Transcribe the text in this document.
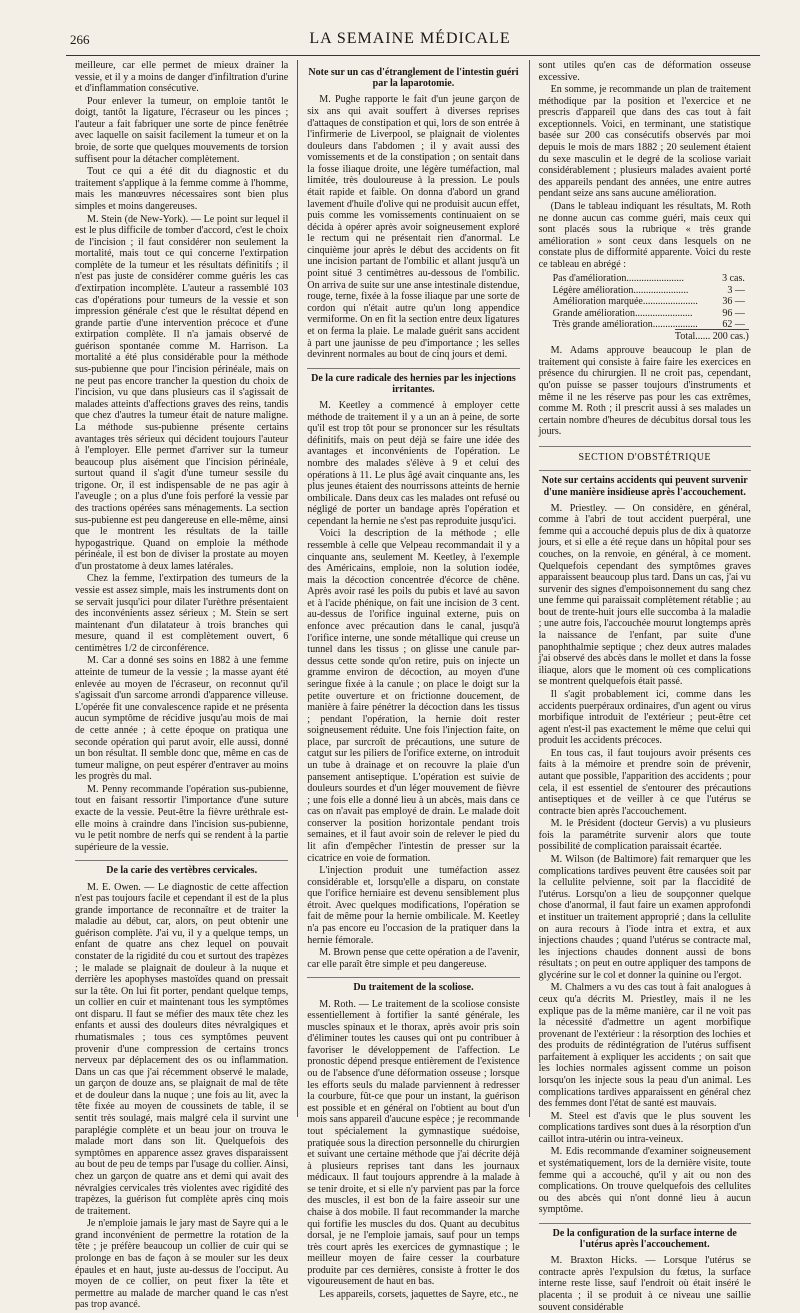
266	LA SEMAINE MÉDICALE

meilleure, car elle permet de mieux drainer la vessie, et il y a moins de danger d'infiltration d'urine et d'inflammation consécutive.

Pour enlever la tumeur, on emploie tantôt le doigt, tantôt la ligature, l'écraseur ou les pinces ; l'auteur a fait fabriquer une sorte de pince fenêtrée avec laquelle on saisit facilement la tumeur et on la broie, de sorte que quelques mouvements de torsion suffisent pour la détacher complètement.

Tout ce qui a été dit du diagnostic et du traitement s'applique à la femme comme à l'homme, mais les manœuvres nécessaires sont bien plus simples et moins dangereuses.

M. Stein (de New-York). — Le point sur lequel il est le plus difficile de tomber d'accord, c'est le choix de l'incision ; il faut considérer non seulement la mortalité, mais tout ce qui concerne l'extirpation complète de la tumeur et les résultats définitifs ; il n'est pas juste de considérer comme guéris les cas d'extirpation incomplète. L'auteur a rassemblé 103 cas d'opérations pour tumeurs de la vessie et son impression générale c'est que le résultat dépend en grande partie d'une intervention précoce et d'une extirpation complète. Il n'a jamais observé de guérison spontanée comme M. Harrison. La mortalité a été plus considérable pour la méthode sus-pubienne que pour l'incision périnéale, mais on ne peut pas encore trancher la question du choix de l'incision, vu que dans plusieurs cas il s'agissait de malades atteints d'affections graves des reins, tandis que chez d'autres la tumeur était de nature maligne. La méthode sus-pubienne présente certains avantages très sérieux qui décident toujours l'auteur à l'employer. Elle permet d'arriver sur la tumeur beaucoup plus aisément que l'incision périnéale, surtout quand il s'agit d'une tumeur sessile du trigone. Or, il est indispensable de ne pas agir à l'aveugle ; on a plus d'une fois perforé la vessie par des tractions opérées sans ménagements. La section sus-pubienne est peu dangereuse en elle-même, ainsi que le montrent les résultats de la taille hypogastrique. Quand on emploie la méthode périnéale, il est bon de diviser la prostate au moyen d'un prostatome à deux lames latérales.

Chez la femme, l'extirpation des tumeurs de la vessie est assez simple, mais les instruments dont on se servait jusqu'ici pour dilater l'urèthre présentaient des inconvénients assez sérieux ; M. Stein se sert maintenant d'un dilatateur à trois branches qui mesure, quand il est complètement ouvert, 6 centimètres 1/2 de circonférence.

M. Car a donné ses soins en 1882 à une femme atteinte de tumeur de la vessie ; la masse ayant été enlevée au moyen de l'écraseur, on reconnut qu'il s'agissait d'un sarcome arrondi d'apparence villeuse. L'opérée fit une convalescence rapide et ne présenta aucun symptôme de récidive jusqu'au mois de mai de cette année ; à cette époque on pratiqua une seconde opération qui parut avoir, elle aussi, donné un bon résultat. Il semble donc que, même en cas de tumeur maligne, on peut espérer d'entraver au moins les progrès du mal.

M. Penny recommande l'opération sus-pubienne, tout en faisant ressortir l'importance d'une suture exacte de la vessie. Peut-être la fièvre uréthrale est-elle moins à craindre dans l'incision sus-pubienne, vu le petit nombre de nerfs qui se rendent à la partie supérieure de la vessie.

De la carie des vertèbres cervicales.

M. E. Owen. — Le diagnostic de cette affection n'est pas toujours facile et cependant il est de la plus grande importance de reconnaître et de traiter la maladie au début, car, alors, on peut obtenir une guérison complète. J'ai vu, il y a quelque temps, un enfant de quatre ans chez lequel on pouvait constater de la rigidité du cou et surtout des trapèzes ; le malade se plaignait de douleur à la nuque et derrière les apophyses mastoïdes quand on pressait sur la tête. On lui fit porter, pendant quelque temps, un collier en cuir et maintenant tous les symptômes ont disparu. Il faut se méfier des maux tête chez les enfants et aussi des douleurs dites névralgiques et rhumatismales ; tous ces symptômes peuvent provenir d'une compression de certains troncs nerveux par déplacement des os ou inflammation. Dans un cas que j'ai récemment observé le malade, un garçon de douze ans, se plaignait de mal de tête et de douleur dans la nuque ; une fois au lit, avec la tête fixée au moyen de coussinets de table, il se sentit très soulagé, mais malgré cela il survint une paraplégie complète et un beau jour on trouva le malade mort dans son lit. Quelquefois des symptômes en apparence assez graves disparaissent au bout de peu de temps par l'usage du collier. Ainsi, chez un garçon de quatre ans et demi qui avait des névralgies cervicales très violentes avec rigidité des trapèzes, la guérison fut complète après cinq mois de traitement.

Je n'emploie jamais le jary mast de Sayre qui a le grand inconvénient de permettre la rotation de la tête ; je préfère beaucoup un collier de cuir qui se prolonge en bas de façon à se mouler sur les deux épaules et en haut, juste au-dessus de l'occiput. Au moyen de ce collier, on peut fixer la tête et permettre au malade de marcher quand le cas n'est pas trop avancé.

Note sur un cas d'étranglement de l'intestin guéri par la laparotomie.

M. Pughe rapporte le fait d'un jeune garçon de six ans qui avait souffert à diverses reprises d'attaques de constipation et qui, lors de son entrée à l'infirmerie de Liverpool, se plaignait de violentes douleurs dans l'abdomen ; il y avait aussi des vomissements et de la constipation ; on sentait dans la fosse iliaque droite, une légère tuméfaction, mal limitée, très douloureuse à la pression. Le pouls était rapide et faible. On donna d'abord un grand lavement d'huile d'olive qui ne produisit aucun effet, puis comme les vomissements continuaient on se décida à opérer après avoir soigneusement exploré le rectum qui ne présentait rien d'anormal. Le cinquième jour après le début des accidents on fit une incision partant de l'ombilic et allant jusqu'à un point situé 3 centimètres au-dessous de l'ombilic. On arriva de suite sur une anse intestinale distendue, rouge, terne, fixée à la fosse iliaque par une sorte de cordon qui n'était autre qu'un long appendice vermiforme. On en fit la section entre deux ligatures et on ferma la plaie. Le malade guérit sans accident à part une jaunisse de peu d'importance ; les selles devinrent normales au bout de cinq jours et demi.

De la cure radicale des hernies par les injections irritantes.

M. Keetley a commencé à employer cette méthode de traitement il y a un an à peine, de sorte qu'il est trop tôt pour se prononcer sur les résultats définitifs, mais on peut déjà se faire une idée des avantages et inconvénients de l'opération. Le nombre des malades s'élève à 9 et celui des opérations à 11. Le plus âgé avait cinquante ans, les plus jeunes étaient des nourrissons atteints de hernie ombilicale. Dans deux cas les malades ont refusé ou négligé de porter un bandage après l'opération et cependant la hernie ne s'est pas reproduite jusqu'ici.

Voici la description de la méthode ; elle ressemble à celle que Velpeau recommandait il y a cinquante ans, seulement M. Keetley, à l'exemple des Américains, emploie, non la solution iodée, mais la décoction concentrée d'écorce de chêne. Après avoir rasé les poils du pubis et lavé au savon et à l'acide phénique, on fait une incision de 3 cent. au-dessus de l'orifice inguinal externe, puis on enfonce avec précaution dans le canal, jusqu'à l'orifice interne, une sonde métallique qui creuse un tunnel dans les tissus ; on glisse une canule par-dessus cette sonde qu'on retire, puis on injecte un gramme environ de décoction, au moyen d'une seringue fixée à la canule ; on place le doigt sur la petite ouverture et on frictionne doucement, de manière à faire pénétrer la décoction dans les tissus ; pendant l'opération, la hernie doit rester soigneusement réduite. Une fois l'injection faite, on place, par surcroît de précautions, une suture de catgut sur les piliers de l'orifice externe, on introduit un tube à drainage et on recouvre la plaie d'un pansement antiseptique. L'opération est suivie de douleurs sourdes et d'un léger mouvement de fièvre ; une fois elle a donné lieu à un abcès, mais dans ce cas on n'avait pas employé de drain. Le malade doit conserver la position horizontale pendant trois semaines, et il faut avoir soin de relever le pied du lit afin d'empêcher l'intestin de presser sur la cicatrice en voie de formation.

L'injection produit une tuméfaction assez considérable et, lorsqu'elle a disparu, on constate que l'orifice herniaire est devenu sensiblement plus étroit. Avec quelques modifications, l'opération se fait de même pour la hernie ombilicale. M. Keetley n'a pas encore eu l'occasion de la pratiquer dans la hernie fémorale.

M. Brown pense que cette opération a de l'avenir, car elle paraît être simple et peu dangereuse.

Du traitement de la scoliose.

M. Roth. — Le traitement de la scoliose consiste essentiellement à fortifier la santé générale, les muscles spinaux et le thorax, après avoir pris soin d'éliminer toutes les causes qui ont pu contribuer à favoriser le développement de l'affection. Le pronostic dépend presque entièrement de l'existence ou de l'absence d'une déformation osseuse ; lorsque les efforts seuls du malade parviennent à redresser la courbure, fût-ce que pour un instant, la guérison est possible et en général on l'obtient au bout d'un mois sans appareil d'aucune espèce ; je recommande tout spécialement la gymnastique suédoise, pratiquée sous la direction personnelle du chirurgien et suivant une certaine méthode que j'ai décrite déjà à plusieurs reprises tant dans les journaux médicaux. Il faut toujours apprendre à la malade à se tenir droite, et si elle n'y parvient pas par la force des muscles, il est bon de la faire asseoir sur une chaise à dos mobile. Il faut recommander la marche qui fortifie les muscles du dos. Quant au decubitus dorsal, je ne l'emploie jamais, sauf pour un temps très court après les exercices de gymnastique ; le meilleur moyen de faire cesser la courbature produite par ces dernières, consiste à frotter le dos vigoureusement de haut en bas.

Les appareils, corsets, jaquettes de Sayre, etc., ne

sont utiles qu'en cas de déformation osseuse excessive.

En somme, je recommande un plan de traitement méthodique par la position et l'exercice et ne prescris d'appareil que dans des cas tout à fait exceptionnels. Voici, en terminant, une statistique basée sur 200 cas consécutifs observés par moi depuis le mois de mars 1882 ; 20 seulement étaient du sexe masculin et le degré de la scoliose variait considérablement ; plusieurs malades avaient porté des appareils pendant des années, une entre autres pendant seize ans sans aucune amélioration.

(Dans le tableau indiquant les résultats, M. Roth ne donne aucun cas comme guéri, mais ceux qui sont placés sous la rubrique « très grande amélioration » sont ceux dans lesquels on ne constate plus de difformité apparente. Voici du reste ce tableau en abrégé :

Pas d'amélioration.......................	3 cas.
Légère amélioration......................	3 —
Amélioration marquée......................	36 —
Grande amélioration.......................	96 —
Très grande amélioration..................	62 —
Total...... 200 cas.)

M. Adams approuve beaucoup le plan de traitement qui consiste à faire faire les exercices en présence du chirurgien. Il ne croit pas, cependant, qu'on puisse se passer toujours d'instruments et même il ne les réserve pas pour les cas extrêmes, comme M. Roth ; il prescrit aussi à ses malades un certain nombre d'heures de décubitus dorsal tous les jours.

SECTION D'OBSTÉTRIQUE
Note sur certains accidents qui peuvent survenir d'une manière insidieuse après l'accouchement.

M. Priestley. — On considère, en général, comme à l'abri de tout accident puerpéral, une femme qui a accouché depuis plus de dix à quatorze jours, et si elle a été reçue dans un hôpital pour ses couches, on la renvoie, en général, à ce moment. Quelquefois cependant des symptômes graves apparaissent beaucoup plus tard. Dans un cas, j'ai vu survenir des signes d'empoisonnement du sang chez une femme qui paraissait complètement rétablie ; au bout de trente-huit jours elle succomba à la maladie ; une autre fois, l'accouchée mourut longtemps après la naissance de l'enfant, par suite d'une panophthalmie septique ; chez deux autres malades j'ai observé des abcès dans le mollet et dans la fosse iliaque, alors que le moment où ces complications se montrent quelquefois était passé.

Il s'agit probablement ici, comme dans les accidents puerpéraux ordinaires, d'un agent ou virus morbifique introduit de l'extérieur ; peut-être cet agent n'est-il pas exactement le même que celui qui produit les accidents précoces.

En tous cas, il faut toujours avoir présents ces faits à la mémoire et prendre soin de prévenir, autant que possible, l'apparition des accidents ; pour cela, il est essentiel de s'entourer des précautions antiseptiques et de veiller à ce que l'utérus se contracte bien après l'accouchement.

M. le Président (docteur Gervis) a vu plusieurs fois la paramétrite survenir alors que toute possibilité de complication paraissait écartée.

M. Wilson (de Baltimore) fait remarquer que les complications tardives peuvent être causées soit par la cellulite pelvienne, soit par la flaccidité de l'utérus. Lorsqu'on a lieu de soupçonner quelque chose d'anormal, il faut faire un examen approfondi et instituer un traitement approprié ; dans la cellulite on aura recours à l'iode intra et extra, et aux injections chaudes ; quand l'utérus se contracte mal, les injections chaudes donnent aussi de bons résultats ; on peut en outre appliquer des tampons de glycérine sur le col et donner la quinine ou l'ergot.

M. Chalmers a vu des cas tout à fait analogues à ceux qu'a décrits M. Priestley, mais il ne les explique pas de la même manière, car il ne voit pas la nécessité d'admettre un agent morbifique provenant de l'extérieur : la résorption des lochies et des produits de rédintégration de l'utérus suffisent parfaitement à expliquer les accidents ; on sait que les lochies normales agissent comme un poison lorsqu'on les injecte sous la peau d'un animal. Les complications tardives apparaissent en général chez des femmes dont l'état de santé est mauvais.

M. Steel est d'avis que le plus souvent les complications tardives sont dues à la résorption d'un caillot intra-utérin ou intra-veineux.

M. Edis recommande d'examiner soigneusement et systématiquement, lors de la dernière visite, toute femme qui a accouché, qu'il y ait ou non des complications. On trouve quelquefois des cellulites ou des abcès qui n'ont donné lieu à aucun symptôme.

De la configuration de la surface interne de l'utérus après l'accouchement.

M. Braxton Hicks. — Lorsque l'utérus se contracte après l'expulsion du fœtus, la surface interne reste lisse, sauf l'endroit où était inséré le placenta ; il se produit à ce niveau une saillie souvent considérable
